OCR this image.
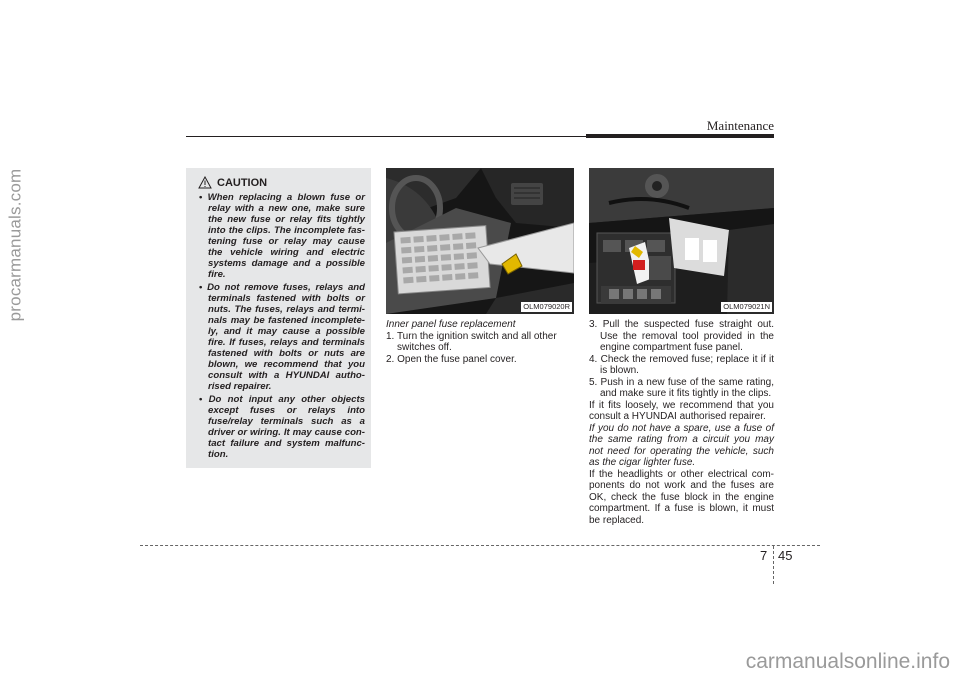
procarmanuals.com
Maintenance
CAUTION
• When replacing a blown fuse or relay with a new one, make sure the new fuse or relay fits tightly into the clips. The incomplete fas-tening fuse or relay may cause the vehicle wiring and electric systems damage and a possible fire.
• Do not remove fuses, relays and terminals fastened with bolts or nuts. The fuses, relays and termi-nals may be fastened incomplete-ly, and it may cause a possible fire. If fuses, relays and terminals fastened with bolts or nuts are blown, we recommend that you consult with a HYUNDAI autho-rised repairer.
• Do not input any other objects except fuses or relays into fuse/relay terminals such as a driver or wiring. It may cause con-tact failure and system malfunc-tion.
OLM079020R	OLM079021N

Inner panel fuse replacement

1. Turn the ignition switch and all other switches off.

2. Open the fuse panel cover.

3. Pull the suspected fuse straight out. Use the removal tool provided in the engine compartment fuse panel.

4. Check the removed fuse; replace it if it is blown.

5. Push in a new fuse of the same rating, and make sure it fits tightly in the clips.

If it fits loosely, we recommend that you consult a HYUNDAI authorised repairer.

If you do not have a spare, use a fuse of the same rating from a circuit you may not need for operating the vehicle, such as the cigar lighter fuse.

If the headlights or other electrical com-ponents do not work and the fuses are OK, check the fuse block in the engine compartment. If a fuse is blown, it must be replaced.

7 45
carmanualsonline.info
